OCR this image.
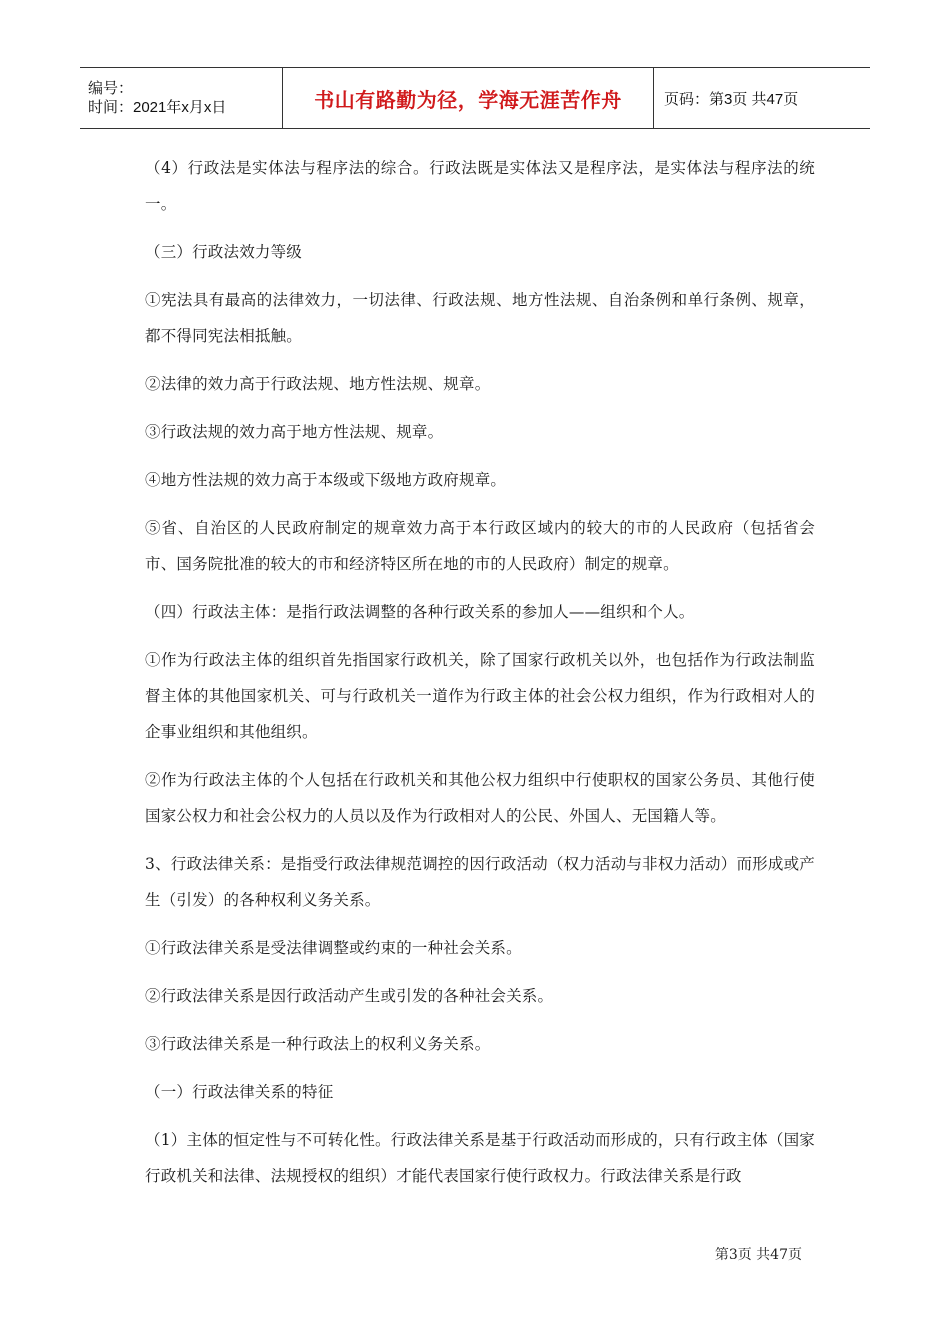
编号：
时间：2021年x月x日	书山有路勤为径，学海无涯苦作舟	页码：第3页 共47页

（4）行政法是实体法与程序法的综合。行政法既是实体法又是程序法，是实体法与程序法的统一。

（三）行政法效力等级

①宪法具有最高的法律效力，一切法律、行政法规、地方性法规、自治条例和单行条例、规章，都不得同宪法相抵触。

②法律的效力高于行政法规、地方性法规、规章。

③行政法规的效力高于地方性法规、规章。

④地方性法规的效力高于本级或下级地方政府规章。

⑤省、自治区的人民政府制定的规章效力高于本行政区域内的较大的市的人民政府（包括省会市、国务院批准的较大的市和经济特区所在地的市的人民政府）制定的规章。

（四）行政法主体：是指行政法调整的各种行政关系的参加人——组织和个人。

①作为行政法主体的组织首先指国家行政机关，除了国家行政机关以外，也包括作为行政法制监督主体的其他国家机关、可与行政机关一道作为行政主体的社会公权力组织，作为行政相对人的企事业组织和其他组织。

②作为行政法主体的个人包括在行政机关和其他公权力组织中行使职权的国家公务员、其他行使国家公权力和社会公权力的人员以及作为行政相对人的公民、外国人、无国籍人等。

3、行政法律关系：是指受行政法律规范调控的因行政活动（权力活动与非权力活动）而形成或产生（引发）的各种权利义务关系。

①行政法律关系是受法律调整或约束的一种社会关系。

②行政法律关系是因行政活动产生或引发的各种社会关系。

③行政法律关系是一种行政法上的权利义务关系。

（一）行政法律关系的特征

（1）主体的恒定性与不可转化性。行政法律关系是基于行政活动而形成的，只有行政主体（国家行政机关和法律、法规授权的组织）才能代表国家行使行政权力。行政法律关系是行政

第3页 共47页
